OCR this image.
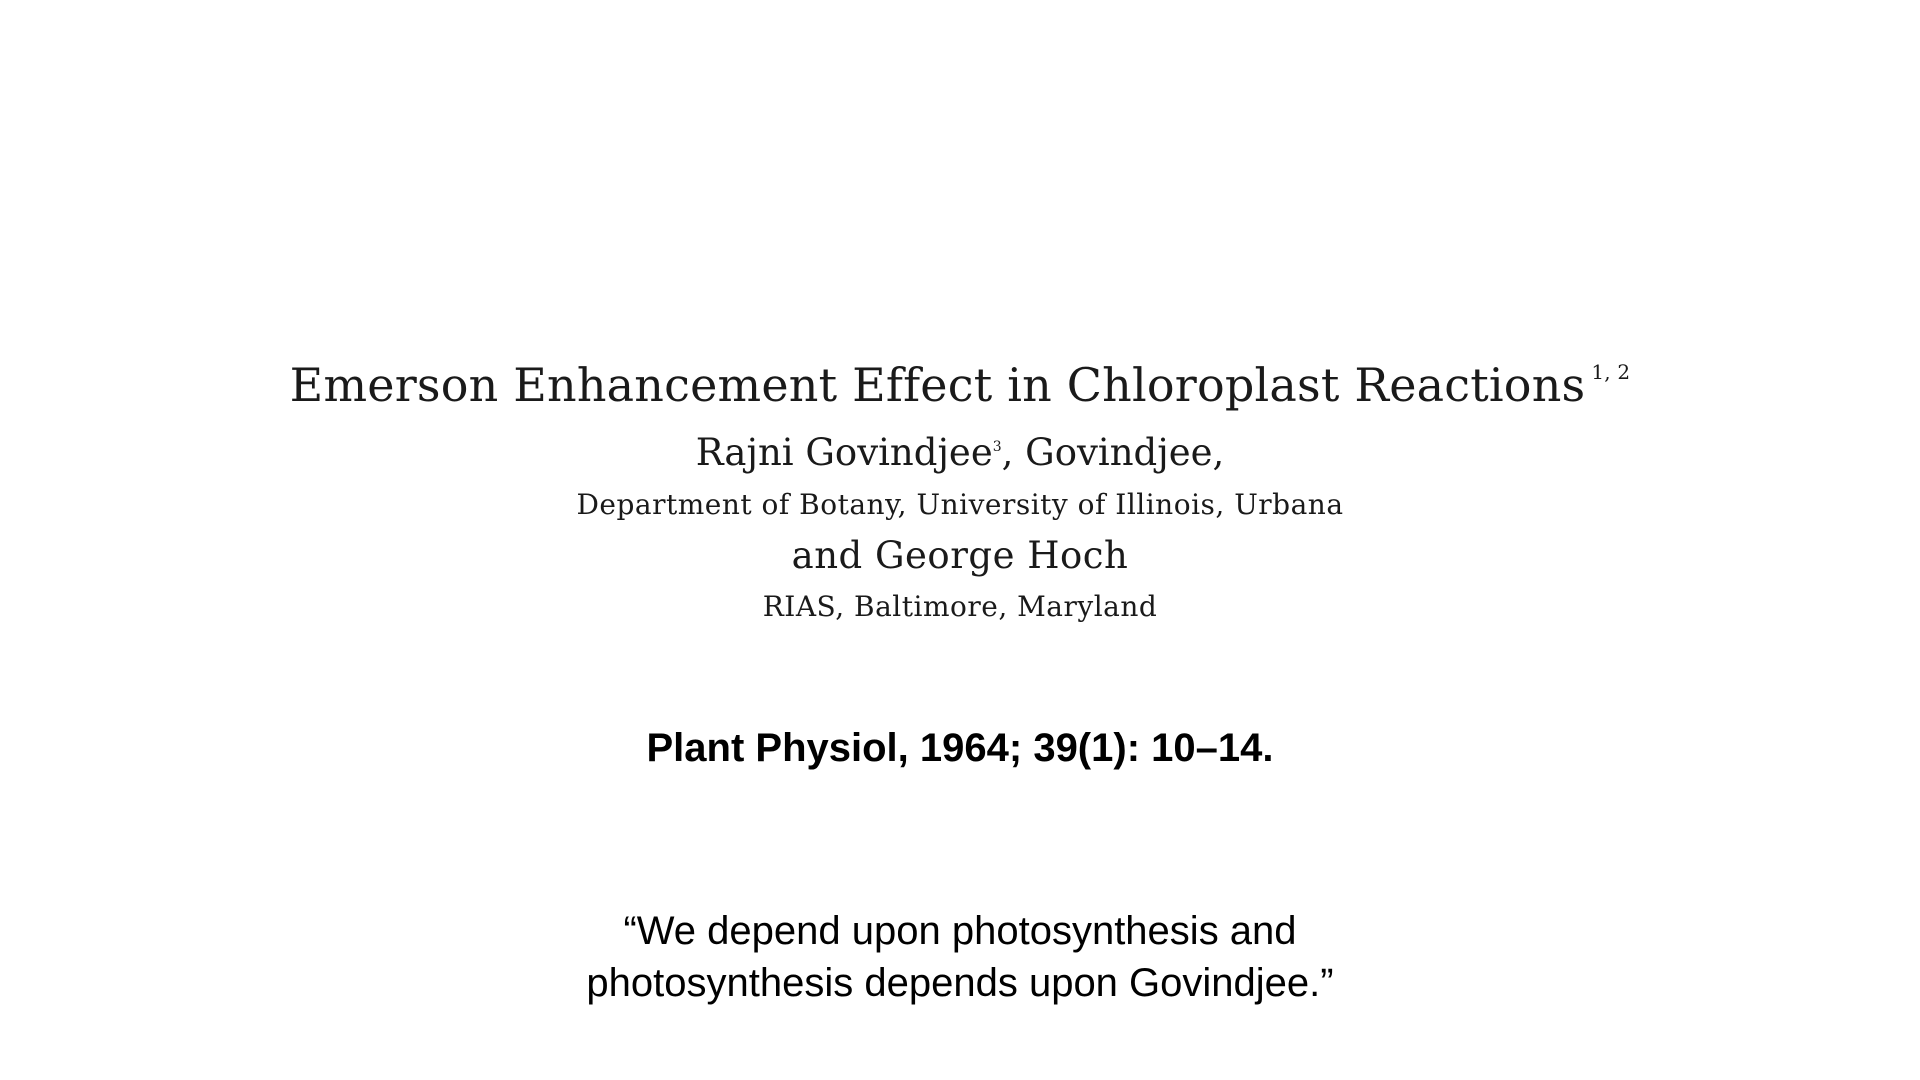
Emerson Enhancement Effect in Chloroplast Reactions $^{1, 2}$

Rajni Govindjee$^3$, Govindjee,

Department of Botany, University of Illinois, Urbana

and George Hoch

RIAS, Baltimore, Maryland

Plant Physiol, 1964; 39(1): 10–14.

“We depend upon photosynthesis and
photosynthesis depends upon Govindjee.”
